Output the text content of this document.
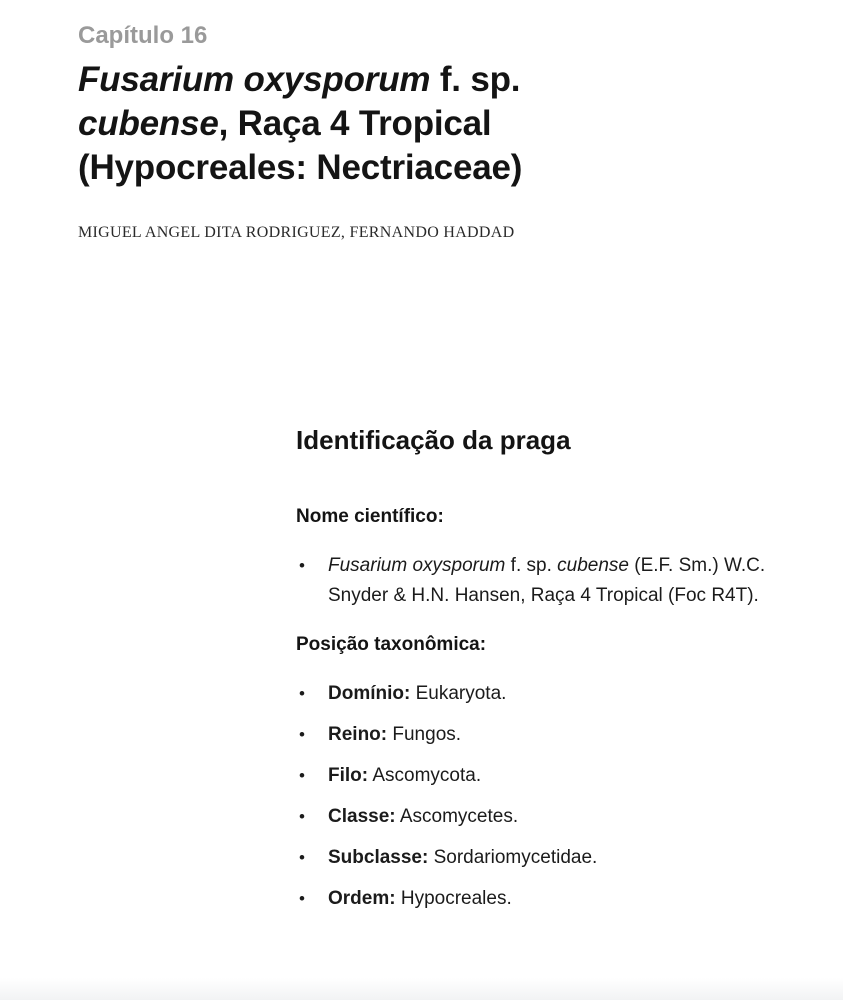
Capítulo 16
Fusarium oxysporum f. sp.
cubense, Raça 4 Tropical
(Hypocreales: Nectriaceae)
MIGUEL ANGEL DITA RODRIGUEZ, FERNANDO HADDAD
Identificação da praga
Nome científico:
• Fusarium oxysporum f. sp. cubense (E.F. Sm.) W.C. Snyder & H.N. Hansen, Raça 4 Tropical (Foc R4T).
Posição taxonômica:
• Domínio: Eukaryota.
• Reino: Fungos.
• Filo: Ascomycota.
• Classe: Ascomycetes.
• Subclasse: Sordariomycetidae.
• Ordem: Hypocreales.
